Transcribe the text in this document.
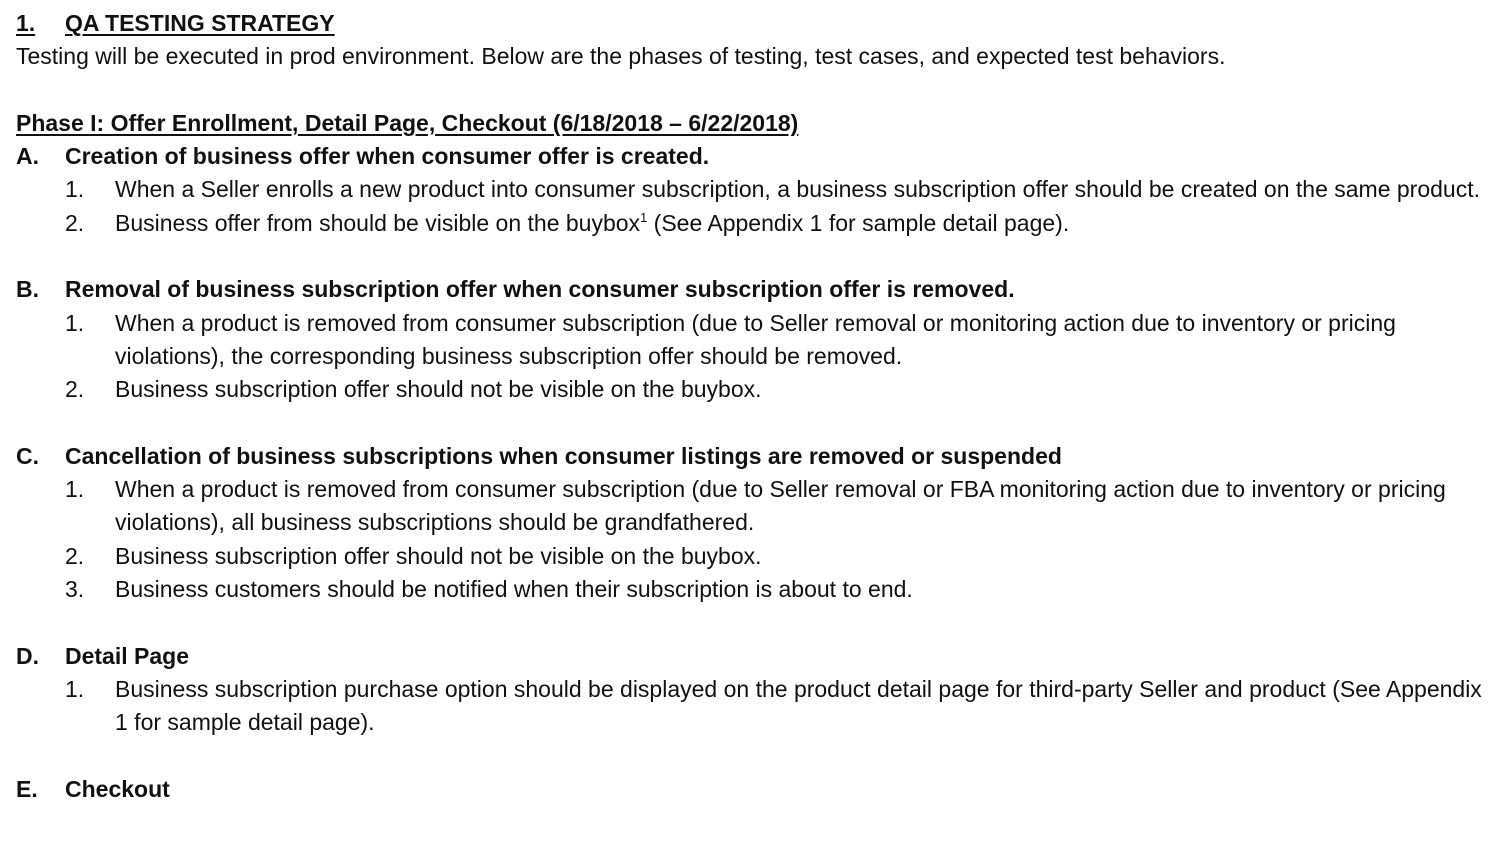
1.	QA TESTING STRATEGY
Testing will be executed in prod environment. Below are the phases of testing, test cases, and expected test behaviors.
Phase I: Offer Enrollment, Detail Page, Checkout (6/18/2018 – 6/22/2018)
A.	Creation of business offer when consumer offer is created.
1.	When a Seller enrolls a new product into consumer subscription, a business subscription offer should be created on the same product.
2.	Business offer from should be visible on the buybox$^1$ (See Appendix 1 for sample detail page).
B.	Removal of business subscription offer when consumer subscription offer is removed.
1.	When a product is removed from consumer subscription (due to Seller removal or monitoring action due to inventory or pricing violations), the corresponding business subscription offer should be removed.
2.	Business subscription offer should not be visible on the buybox.
C.	Cancellation of business subscriptions when consumer listings are removed or suspended
1.	When a product is removed from consumer subscription (due to Seller removal or FBA monitoring action due to inventory or pricing violations), all business subscriptions should be grandfathered.
2.	Business subscription offer should not be visible on the buybox.
3.	Business customers should be notified when their subscription is about to end.
D.	Detail Page
1.	Business subscription purchase option should be displayed on the product detail page for third-party Seller and product (See Appendix 1 for sample detail page).
E.	Checkout
